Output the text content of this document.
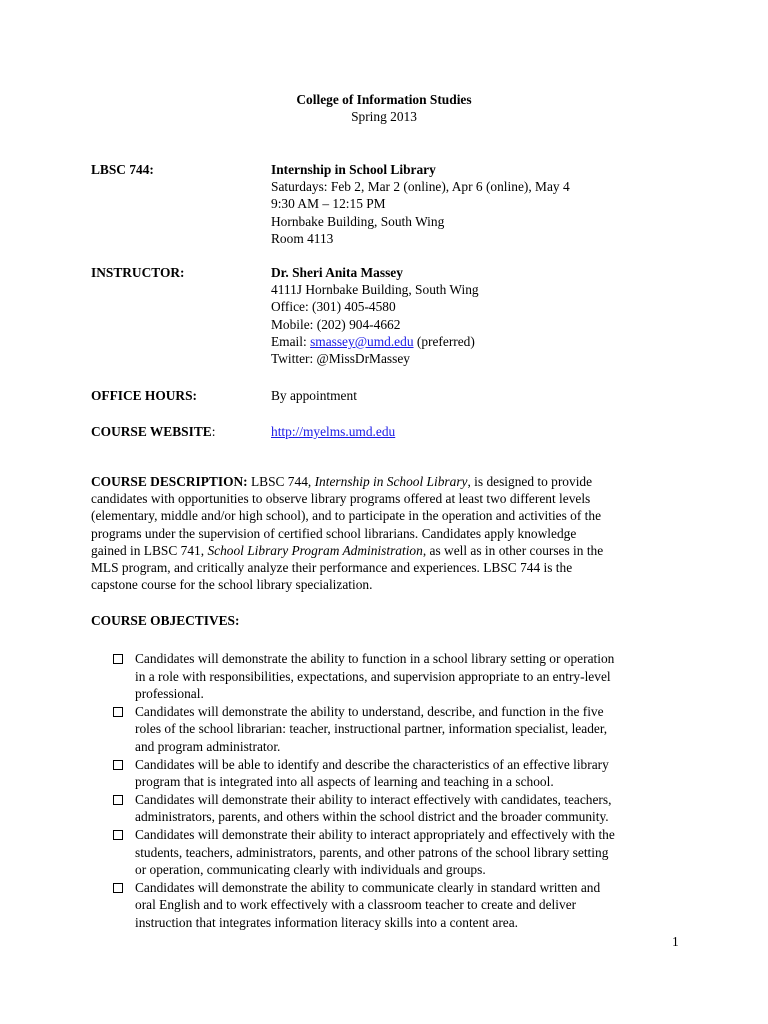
College of Information Studies
Spring 2013
LBSC 744:	Internship in School Library
Saturdays: Feb 2, Mar 2 (online), Apr 6 (online), May 4
9:30 AM – 12:15 PM
Hornbake Building, South Wing
Room 4113
INSTRUCTOR:	Dr. Sheri Anita Massey
4111J Hornbake Building, South Wing
Office: (301) 405-4580
Mobile: (202) 904-4662
Email: smassey@umd.edu (preferred)
Twitter: @MissDrMassey
OFFICE HOURS:	By appointment
COURSE WEBSITE:	http://myelms.umd.edu
COURSE DESCRIPTION: LBSC 744, Internship in School Library, is designed to provide
candidates with opportunities to observe library programs offered at least two different levels
(elementary, middle and/or high school), and to participate in the operation and activities of the
programs under the supervision of certified school librarians. Candidates apply knowledge
gained in LBSC 741, School Library Program Administration, as well as in other courses in the
MLS program, and critically analyze their performance and experiences. LBSC 744 is the
capstone course for the school library specialization.
COURSE OBJECTIVES:
Candidates will demonstrate the ability to function in a school library setting or operation
in a role with responsibilities, expectations, and supervision appropriate to an entry-level
professional.
Candidates will demonstrate the ability to understand, describe, and function in the five
roles of the school librarian: teacher, instructional partner, information specialist, leader,
and program administrator.
Candidates will be able to identify and describe the characteristics of an effective library
program that is integrated into all aspects of learning and teaching in a school.
Candidates will demonstrate their ability to interact effectively with candidates, teachers,
administrators, parents, and others within the school district and the broader community.
Candidates will demonstrate their ability to interact appropriately and effectively with the
students, teachers, administrators, parents, and other patrons of the school library setting
or operation, communicating clearly with individuals and groups.
Candidates will demonstrate the ability to communicate clearly in standard written and
oral English and to work effectively with a classroom teacher to create and deliver
instruction that integrates information literacy skills into a content area.
1
